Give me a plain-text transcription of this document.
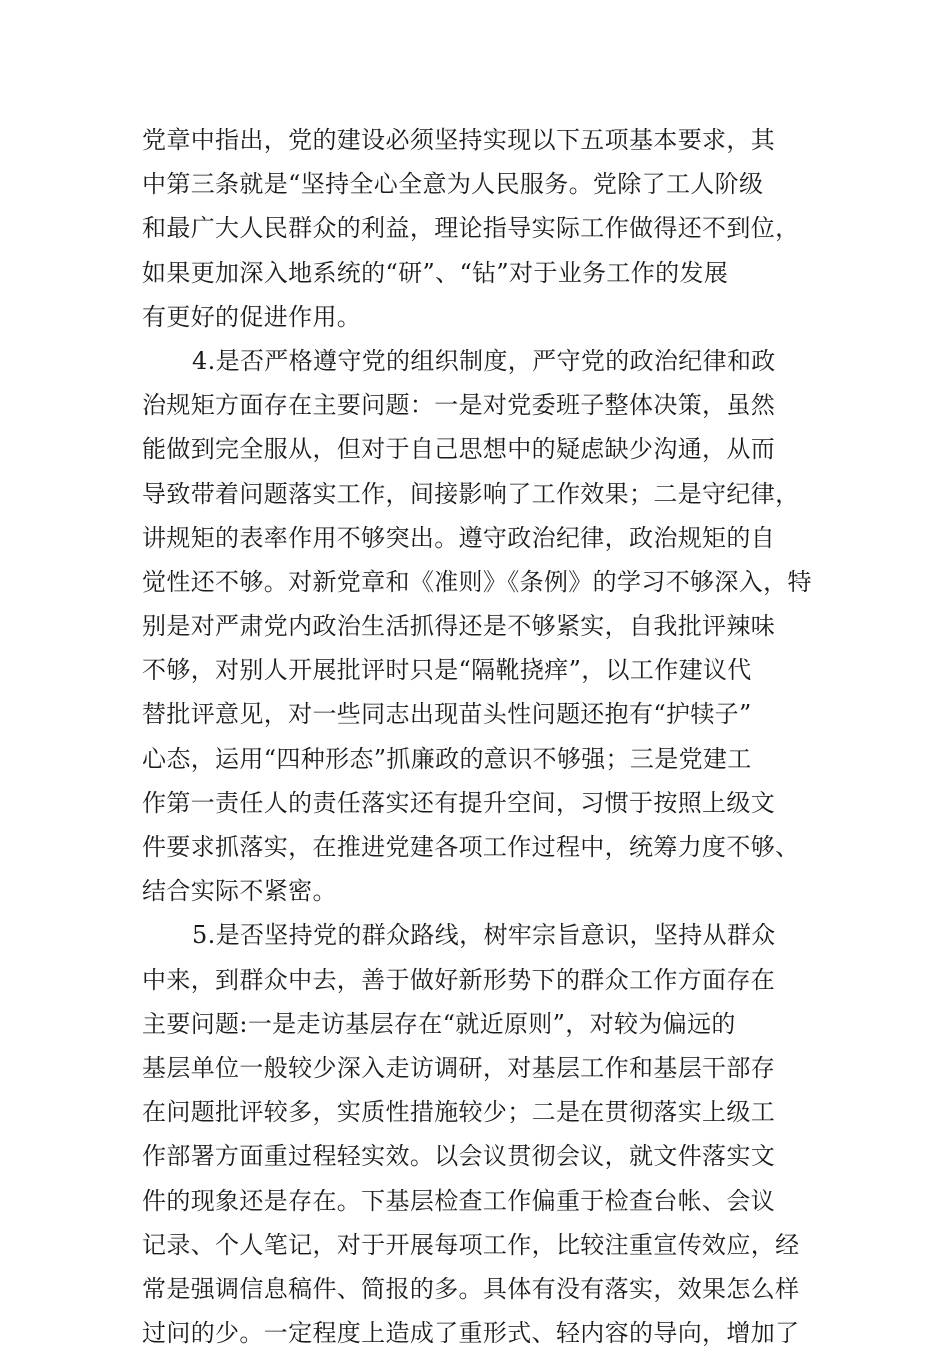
党章中指出，党的建设必须坚持实现以下五项基本要求，其
中第三条就是“坚持全心全意为人民服务。党除了工人阶级
和最广大人民群众的利益，理论指导实际工作做得还不到位，
如果更加深入地系统的“研”、“钻”对于业务工作的发展
有更好的促进作用。
4.是否严格遵守党的组织制度，严守党的政治纪律和政
治规矩方面存在主要问题：一是对党委班子整体决策，虽然
能做到完全服从，但对于自己思想中的疑虑缺少沟通，从而
导致带着问题落实工作，间接影响了工作效果；二是守纪律，
讲规矩的表率作用不够突出。遵守政治纪律，政治规矩的自
觉性还不够。对新党章和《准则》《条例》的学习不够深入，特
别是对严肃党内政治生活抓得还是不够紧实，自我批评辣味
不够，对别人开展批评时只是“隔靴挠痒”，以工作建议代
替批评意见，对一些同志出现苗头性问题还抱有“护犊子”
心态，运用“四种形态”抓廉政的意识不够强；三是党建工
作第一责任人的责任落实还有提升空间，习惯于按照上级文
件要求抓落实，在推进党建各项工作过程中，统筹力度不够、
结合实际不紧密。
5.是否坚持党的群众路线，树牢宗旨意识，坚持从群众
中来，到群众中去，善于做好新形势下的群众工作方面存在
主要问题:一是走访基层存在“就近原则”，对较为偏远的
基层单位一般较少深入走访调研，对基层工作和基层干部存
在问题批评较多，实质性措施较少；二是在贯彻落实上级工
作部署方面重过程轻实效。以会议贯彻会议，就文件落实文
件的现象还是存在。下基层检查工作偏重于检查台帐、会议
记录、个人笔记，对于开展每项工作，比较注重宣传效应，经
常是强调信息稿件、简报的多。具体有没有落实，效果怎么样
过问的少。一定程度上造成了重形式、轻内容的导向，增加了
